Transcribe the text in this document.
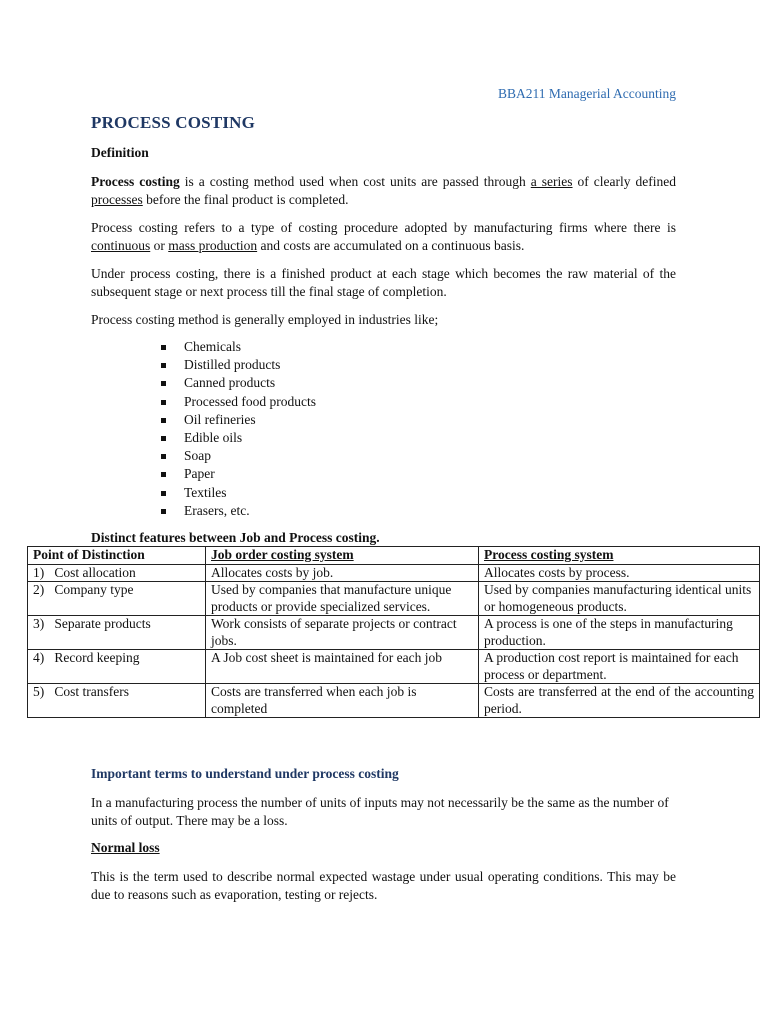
BBA211 Managerial Accounting
PROCESS COSTING
Definition

Process costing is a costing method used when cost units are passed through a series of clearly defined processes before the final product is completed.

Process costing refers to a type of costing procedure adopted by manufacturing firms where there is continuous or mass production and costs are accumulated on a continuous basis.

Under process costing, there is a finished product at each stage which becomes the raw material of the subsequent stage or next process till the final stage of completion.

Process costing method is generally employed in industries like;

Chemicals
Distilled products
Canned products
Processed food products
Oil refineries
Edible oils
Soap
Paper
Textiles
Erasers, etc.
Distinct features between Job and Process costing.
Point of Distinction	Job order costing system	Process costing system
1)   Cost allocation	Allocates costs by job.	Allocates costs by process.
2)   Company type	Used by companies that manufacture unique products or provide specialized services.	Used by companies manufacturing identical units or homogeneous products.
3)   Separate products	Work consists of separate projects or contract jobs.	A process is one of the steps in manufacturing production.
4)   Record keeping	A Job cost sheet is maintained for each job	A production cost report is maintained for each process or department.
5)   Cost transfers	Costs are transferred when each job is completed	Costs are transferred at the end of the accounting period.
Important terms to understand under process costing

In a manufacturing process the number of units of inputs may not necessarily be the same as the number of units of output. There may be a loss.

Normal loss

This is the term used to describe normal expected wastage under usual operating conditions. This may be due to reasons such as evaporation, testing or rejects.
